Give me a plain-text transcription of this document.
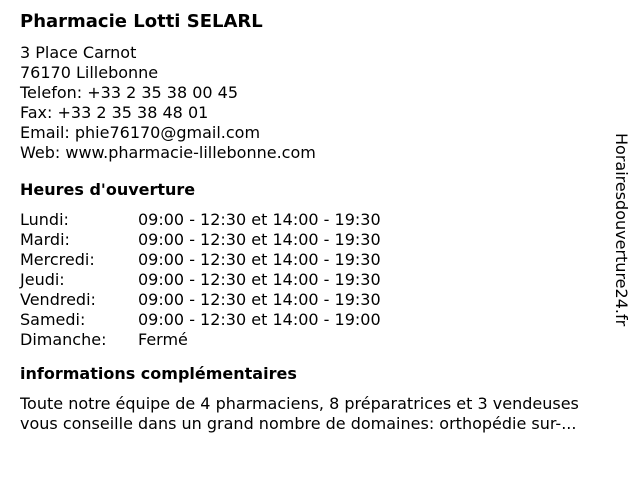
Pharmacie Lotti SELARL
3 Place Carnot
76170 Lillebonne
Telefon: +33 2 35 38 00 45
Fax: +33 2 35 38 48 01
Email: phie76170@gmail.com
Web: www.pharmacie-lillebonne.com
Heures d'ouverture
Lundi:	09:00 - 12:30 et 14:00 - 19:30
Mardi:	09:00 - 12:30 et 14:00 - 19:30
Mercredi:	09:00 - 12:30 et 14:00 - 19:30
Jeudi:	09:00 - 12:30 et 14:00 - 19:30
Vendredi:	09:00 - 12:30 et 14:00 - 19:30
Samedi:	09:00 - 12:30 et 14:00 - 19:00
Dimanche:	Fermé
informations complémentaires
Toute notre équipe de 4 pharmaciens, 8 préparatrices et 3 vendeuses
vous conseille dans un grand nombre de domaines: orthopédie sur-...
Horairesdouverture24.fr
